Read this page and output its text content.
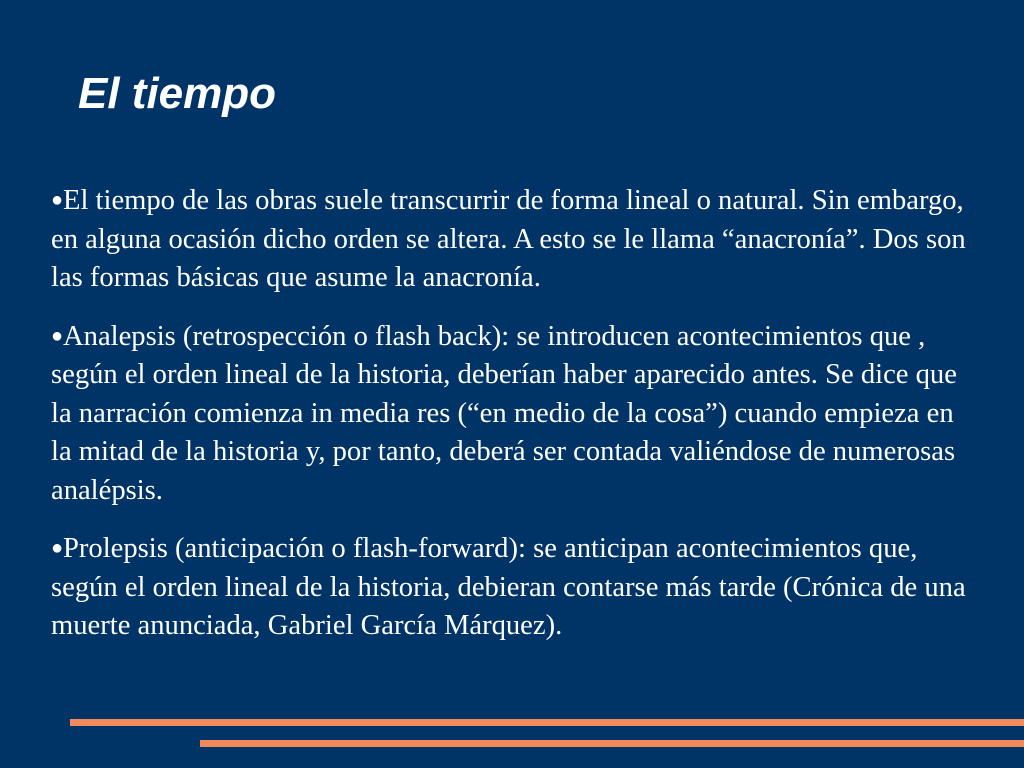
El tiempo
●El tiempo de las obras suele transcurrir de forma lineal o natural. Sin embargo, en alguna ocasión dicho orden se altera. A esto se le llama “anacronía”. Dos son las formas básicas que asume la anacronía.
●Analepsis (retrospección o flash back): se introducen acontecimientos que , según el orden lineal de la historia, deberían haber aparecido antes. Se dice que la narración comienza in media res (“en medio de la cosa”) cuando empieza en la mitad de la historia y, por tanto, deberá ser contada valiéndose de numerosas analépsis.
●Prolepsis (anticipación o flash-forward): se anticipan acontecimientos que, según el orden lineal de la historia, debieran contarse más tarde (Crónica de una muerte anunciada, Gabriel García Márquez).
